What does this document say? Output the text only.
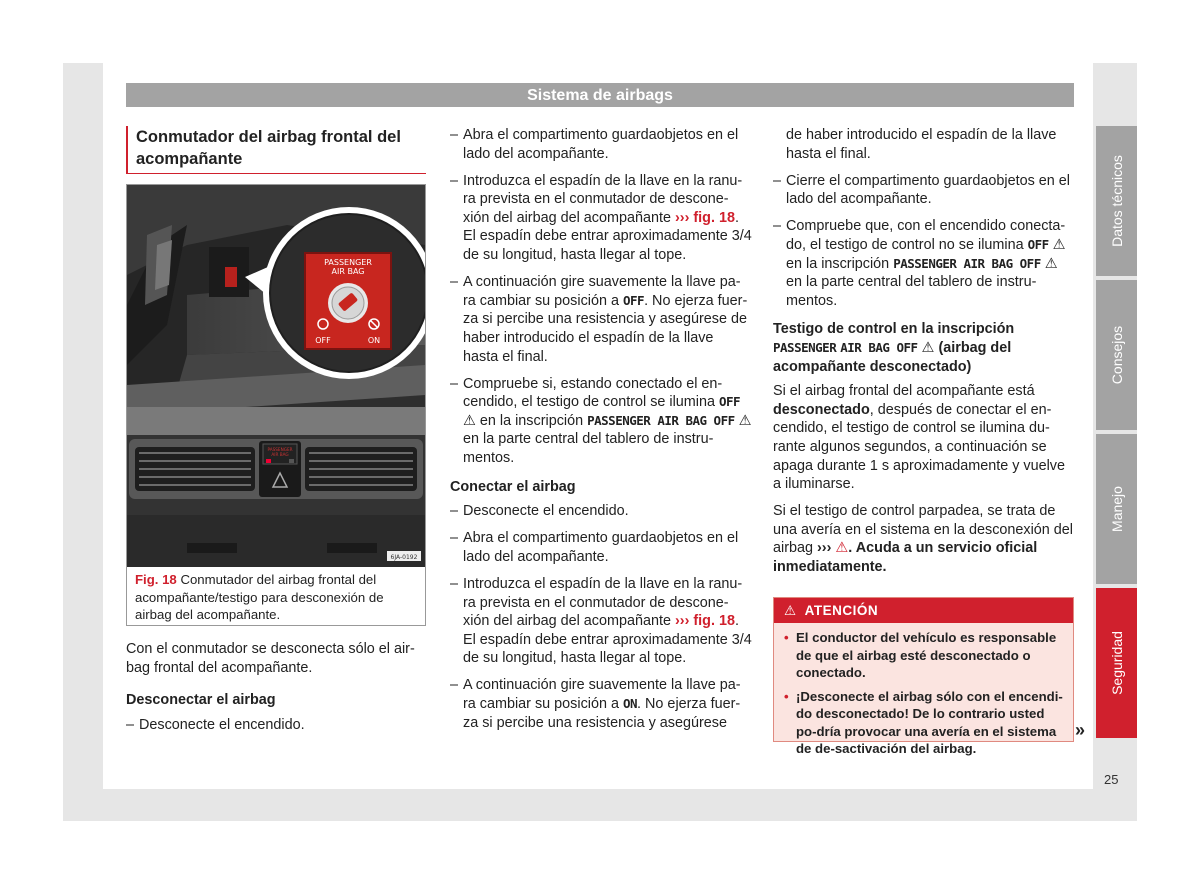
Sistema de airbags
Datos técnicos
Consejos
Manejo
Seguridad
25
Conmutador del airbag frontal del acompañante
PASSENGER
AIR BAG
6JA-0192
PASSENGER
AIR BAG
OFF	ON
Fig. 18 Conmutador del airbag frontal del acompañante/testigo para desconexión de airbag del acompañante.

Con el conmutador se desconecta sólo el air-bag frontal del acompañante.

Desconectar el airbag
– Desconecte el encendido.
– Abra el compartimento guardaobjetos en el lado del acompañante.
– Introduzca el espadín de la llave en la ranu-ra prevista en el conmutador de descone-xión del airbag del acompañante ››› fig. 18. El espadín debe entrar aproximadamente 3/4 de su longitud, hasta llegar al tope.
– A continuación gire suavemente la llave pa-ra cambiar su posición a OFF. No ejerza fuer-za si percibe una resistencia y asegúrese de haber introducido el espadín de la llave hasta el final.
– Compruebe si, estando conectado el en-cendido, el testigo de control se ilumina OFF ⚠ en la inscripción PASSENGER AIR BAG OFF ⚠ en la parte central del tablero de instru-mentos.
Conectar el airbag
– Desconecte el encendido.
– Abra el compartimento guardaobjetos en el lado del acompañante.
– Introduzca el espadín de la llave en la ranu-ra prevista en el conmutador de descone-xión del airbag del acompañante ››› fig. 18. El espadín debe entrar aproximadamente 3/4 de su longitud, hasta llegar al tope.
– A continuación gire suavemente la llave pa-ra cambiar su posición a ON. No ejerza fuer-za si percibe una resistencia y asegúrese

de haber introducido el espadín de la llave hasta el final.

– Cierre el compartimento guardaobjetos en el lado del acompañante.
– Compruebe que, con el encendido conecta-do, el testigo de control no se ilumina OFF ⚠ en la inscripción PASSENGER AIR BAG OFF ⚠ en la parte central del tablero de instru-mentos.
Testigo de control en la inscripción PASSENGER AIR BAG OFF ⚠ (airbag del acompañante desconectado)

Si el airbag frontal del acompañante está desconectado, después de conectar el en-cendido, el testigo de control se ilumina du-rante algunos segundos, a continuación se apaga durante 1 s aproximadamente y vuelve a iluminarse.

Si el testigo de control parpadea, se trata de una avería en el sistema en la desconexión del airbag ››› ⚠. Acuda a un servicio oficial inmediatamente.

⚠ ATENCIÓN
• El conductor del vehículo es responsable de que el airbag esté desconectado o conectado.
• ¡Desconecte el airbag sólo con el encendi-do desconectado! De lo contrario usted po-dría provocar una avería en el sistema de de-sactivación del airbag.
»
